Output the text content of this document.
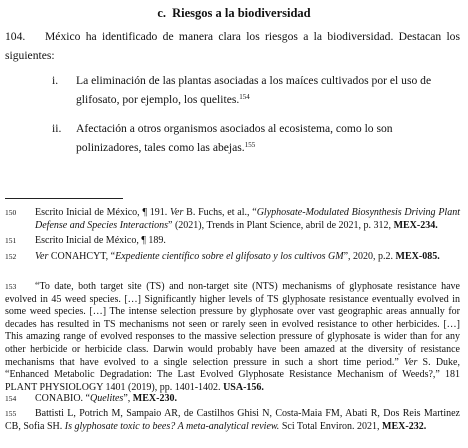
c. Riesgos a la biodiversidad
104. México ha identificado de manera clara los riesgos a la biodiversidad. Destacan los siguientes:
i.	La eliminación de las plantas asociadas a los maíces cultivados por el uso de glifosato, por ejemplo, los quelites.$^{154}$
ii.	Afectación a otros organismos asociados al ecosistema, como lo son polinizadores, tales como las abejas.$^{155}$
150 Escrito Inicial de México, ¶ 191. Ver B. Fuchs, et al., “Glyphosate-Modulated Biosynthesis Driving Plant Defense and Species Interactions” (2021), Trends in Plant Science, abril de 2021, p. 312, MEX-234.
151 Escrito Inicial de México, ¶ 189.
152 Ver CONAHCYT, “Expediente científico sobre el glifosato y los cultivos GM”, 2020, p.2. MEX-085.
153	“To date, both target site (TS) and non-target site (NTS) mechanisms of glyphosate resistance have evolved in 45 weed species. […] Significantly higher levels of TS glyphosate resistance eventually evolved in some weed species. […] The intense selection pressure by glyphosate over vast geographic areas annually for decades has resulted in TS mechanisms not seen or rarely seen in evolved resistance to other herbicides. […] This amazing range of evolved responses to the massive selection pressure of glyphosate is wider than for any other herbicide or herbicide class. Darwin would probably have been amazed at the diversity of resistance mechanisms that have evolved to a single selection pressure in such a short time period.” Ver S. Duke, “Enhanced Metabolic Degradation: The Last Evolved Glyphosate Resistance Mechanism of Weeds?,” 181 PLANT PHYSIOLOGY 1401 (2019), pp. 1401-1402. USA-156.
154 CONABIO. “Quelites”, MEX-230.
155	Battisti L, Potrich M, Sampaio AR, de Castilhos Ghisi N, Costa-Maia FM, Abati R, Dos Reis Martinez CB, Sofia SH. Is glyphosate toxic to bees? A meta-analytical review. Sci Total Environ. 2021, MEX-232.
